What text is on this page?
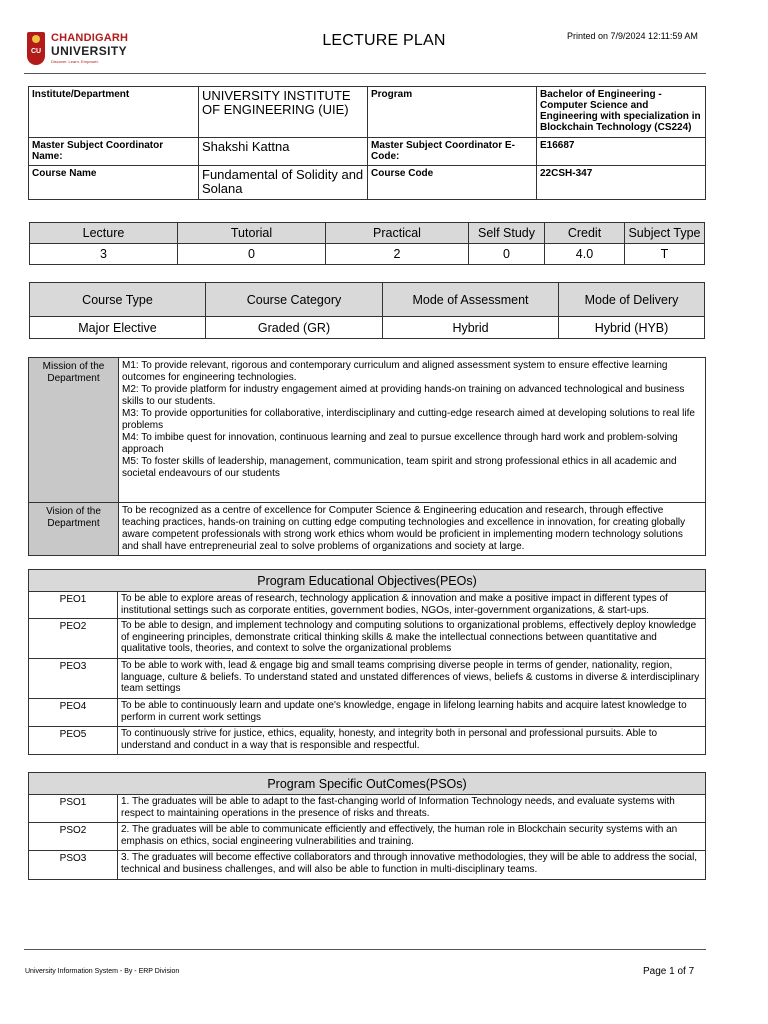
CU
CHANDIGARH
UNIVERSITY
Discover. Learn. Empower.
LECTURE PLAN	Printed on 7/9/2024 12:11:59 AM
Institute/Department	UNIVERSITY INSTITUTE OF ENGINEERING (UIE)	Program	Bachelor of Engineering - Computer Science and Engineering with specialization in Blockchain Technology (CS224)
Master Subject Coordinator Name:	Shakshi Kattna	Master Subject Coordinator E-Code:	E16687
Course Name	Fundamental of Solidity and Solana	Course Code	22CSH-347
Lecture	Tutorial	Practical	Self Study	Credit	Subject Type
3	0	2	0	4.0	T
Course Type	Course Category	Mode of Assessment	Mode of Delivery
Major Elective	Graded (GR)	Hybrid	Hybrid (HYB)
Mission of the Department	M1: To provide relevant, rigorous and contemporary curriculum and aligned assessment system to ensure effective learning outcomes for engineering technologies.
M2: To provide platform for industry engagement aimed at providing hands-on training on advanced technological and business skills to our students.
M3: To provide opportunities for collaborative, interdisciplinary and cutting-edge research aimed at developing solutions to real life problems
M4: To imbibe quest for innovation, continuous learning and zeal to pursue excellence through hard work and problem-solving approach
M5: To foster skills of leadership, management, communication, team spirit and strong professional ethics in all academic and societal endeavours of our students

Vision of the Department	To be recognized as a centre of excellence for Computer Science & Engineering education and research, through effective teaching practices, hands-on training on cutting edge computing technologies and excellence in innovation, for creating globally aware competent professionals with strong work ethics whom would be proficient in implementing modern technology solutions and shall have entrepreneurial zeal to solve problems of organizations and society at large.
Program Educational Objectives(PEOs)	
PEO1	To be able to explore areas of research, technology application & innovation and make a positive impact in different types of institutional settings such as corporate entities, government bodies, NGOs, inter-government organizations, & start-ups.
PEO2	To be able to design, and implement technology and computing solutions to organizational problems, effectively deploy knowledge of engineering principles, demonstrate critical thinking skills & make the intellectual connections between quantitative and qualitative tools, theories, and context to solve the organizational problems
PEO3	To be able to work with, lead & engage big and small teams comprising diverse people in terms of gender, nationality, region, language, culture & beliefs. To understand stated and unstated differences of views, beliefs & customs in diverse & interdisciplinary team settings
PEO4	To be able to continuously learn and update one's knowledge, engage in lifelong learning habits and acquire latest knowledge to perform in current work settings
PEO5	To continuously strive for justice, ethics, equality, honesty, and integrity both in personal and professional pursuits. Able to understand and conduct in a way that is responsible and respectful.
Program Specific OutComes(PSOs)	
PSO1	1. The graduates will be able to adapt to the fast-changing world of Information Technology needs, and evaluate systems with respect to maintaining operations in the presence of risks and threats.
PSO2	2. The graduates will be able to communicate efficiently and effectively, the human role in Blockchain security systems with an emphasis on ethics, social engineering vulnerabilities and training.
PSO3	3. The graduates will become effective collaborators and through innovative methodologies, they will be able to address the social, technical and business challenges, and will also be able to function in multi-disciplinary teams.
University Information System - By - ERP Division	Page 1 of 7
